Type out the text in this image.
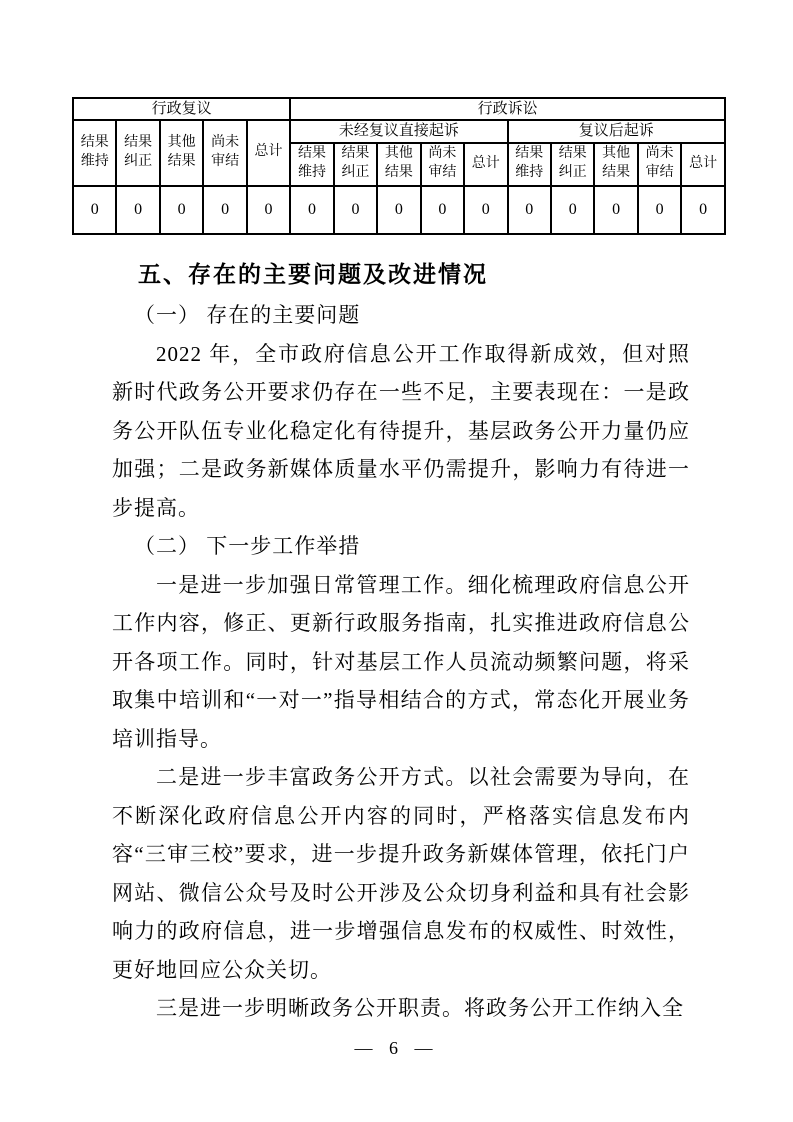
行政复议					行政诉讼									
结果维持	结果纠正	其他结果	尚未审结	总计	未经复议直接起诉					复议后起诉				
					结果维持	结果纠正	其他结果	尚未审结	总计	结果维持	结果纠正	其他结果	尚未审结	总计
0	0	0	0	0	0	0	0	0	0	0	0	0	0	0
五、存在的主要问题及改进情况

（一） 存在的主要问题

2022 年，全市政府信息公开工作取得新成效，但对照新时代政务公开要求仍存在一些不足，主要表现在：一是政务公开队伍专业化稳定化有待提升，基层政务公开力量仍应加强；二是政务新媒体质量水平仍需提升，影响力有待进一步提高。

（二） 下一步工作举措

一是进一步加强日常管理工作。细化梳理政府信息公开工作内容，修正、更新行政服务指南，扎实推进政府信息公开各项工作。同时，针对基层工作人员流动频繁问题，将采取集中培训和“一对一”指导相结合的方式，常态化开展业务培训指导。

二是进一步丰富政务公开方式。以社会需要为导向，在不断深化政府信息公开内容的同时，严格落实信息发布内容“三审三校”要求，进一步提升政务新媒体管理，依托门户网站、微信公众号及时公开涉及公众切身利益和具有社会影响力的政府信息，进一步增强信息发布的权威性、时效性，更好地回应公众关切。

三是进一步明晰政务公开职责。将政务公开工作纳入全

— 6 —
